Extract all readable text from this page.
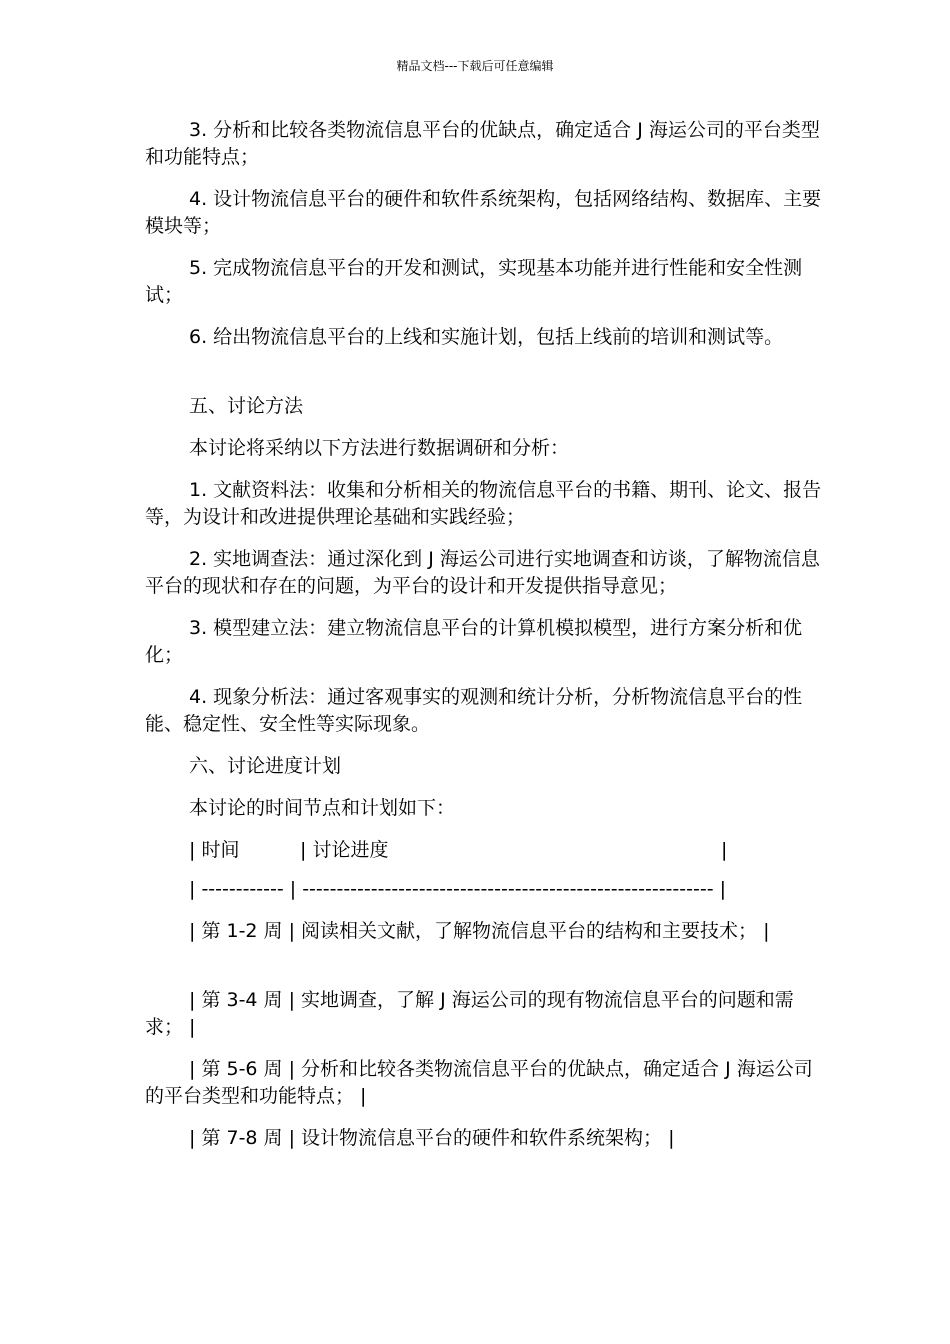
精品文档---下载后可任意编辑
3. 分析和比较各类物流信息平台的优缺点，确定适合 J 海运公司的平台类型和功能特点；
4. 设计物流信息平台的硬件和软件系统架构，包括网络结构、数据库、主要模块等；
5. 完成物流信息平台的开发和测试，实现基本功能并进行性能和安全性测试；
6. 给出物流信息平台的上线和实施计划，包括上线前的培训和测试等。
五、讨论方法
本讨论将采纳以下方法进行数据调研和分析：
1. 文献资料法：收集和分析相关的物流信息平台的书籍、期刊、论文、报告等，为设计和改进提供理论基础和实践经验；
2. 实地调查法：通过深化到 J 海运公司进行实地调查和访谈，了解物流信息平台的现状和存在的问题，为平台的设计和开发提供指导意见；
3. 模型建立法：建立物流信息平台的计算机模拟模型，进行方案分析和优化；
4. 现象分析法：通过客观事实的观测和统计分析，分析物流信息平台的性能、稳定性、安全性等实际现象。
六、讨论进度计划
本讨论的时间节点和计划如下：

| 时间

	| 讨论进度

	|

| ------------ | ------------------------------------------------------------ |
| 第 1-2 周 | 阅读相关文献，了解物流信息平台的结构和主要技术； |
| 第 3-4 周 | 实地调查，了解 J 海运公司的现有物流信息平台的问题和需求； |
| 第 5-6 周 | 分析和比较各类物流信息平台的优缺点，确定适合 J 海运公司的平台类型和功能特点； |
| 第 7-8 周 | 设计物流信息平台的硬件和软件系统架构； |
